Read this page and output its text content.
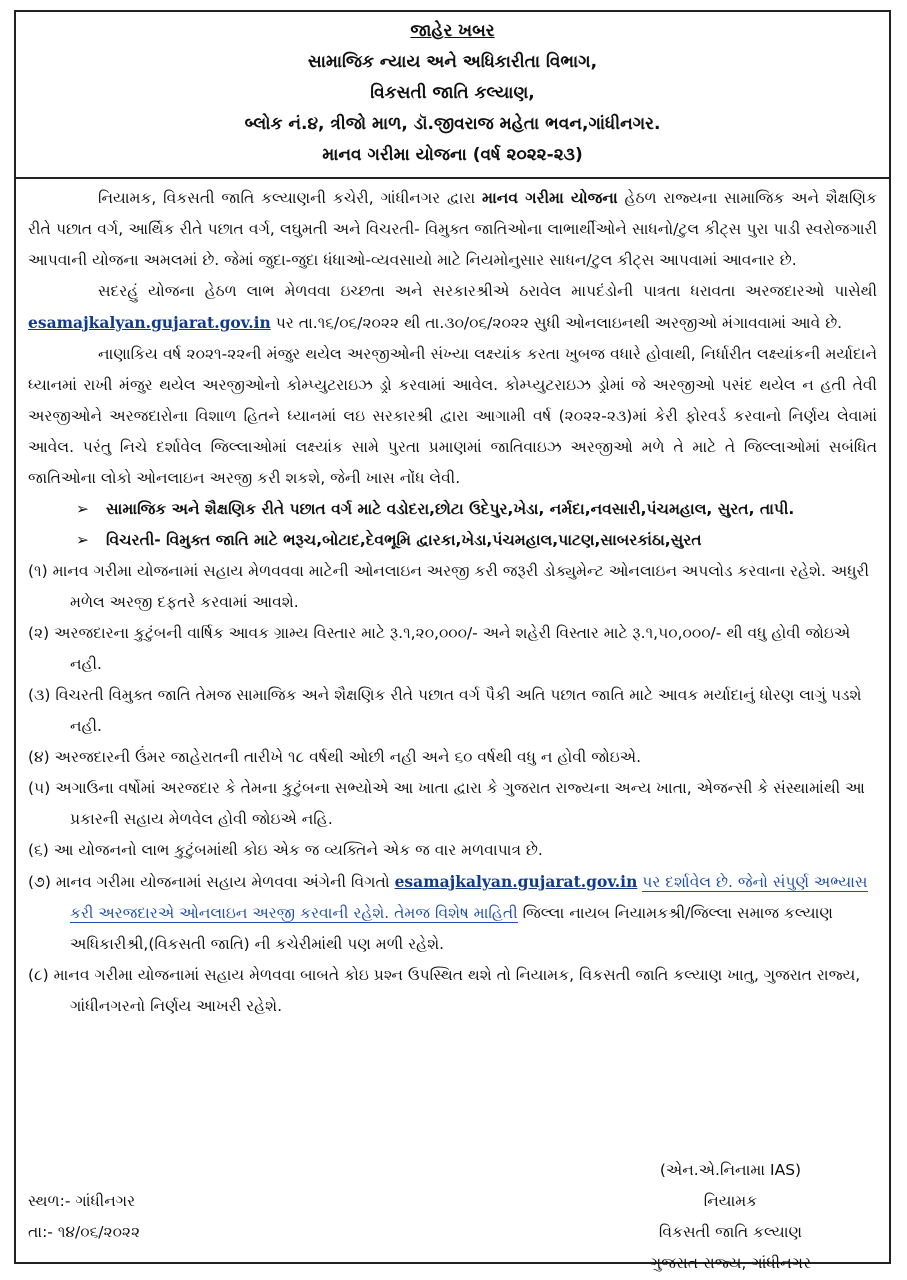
જાહેર ખબર
સામાજિક ન્યાય અને અધિકારીતા વિભાગ,
વિકસતી જાતિ કલ્યાણ,
બ્લોક નં.૪, ત્રીજો માળ, ડૉ.જીવરાજ મહેતા ભવન,ગાંધીનગર.
માનવ ગરીમા યોજના (વર્ષ ૨૦૨૨-૨૩)

નિયામક, વિકસતી જાતિ કલ્યાણની કચેરી, ગાંધીનગર દ્વારા માનવ ગરીમા યોજના હેઠળ રાજ્યના સામાજિક અને શૈક્ષણિક રીતે પછાત વર્ગ, આર્થિક રીતે પછાત વર્ગ, લઘુમતી અને વિચરતી- વિમુક્ત જાતિઓના લાભાર્થીઓને સાધનો/ટુલ કીટ્સ પુરા પાડી સ્વરોજગારી આપવાની યોજના અમલમાં છે. જેમાં જુદા-જુદા ધંધાઓ-વ્યવસાયો માટે નિયમોનુસાર સાધન/ટુલ કીટ્સ આપવામાં આવનાર છે.

સદરહું યોજના હેઠળ લાભ મેળવવા ઇચ્છતા અને સરકારશ્રીએ ઠરાવેલ માપદંડોની પાત્રતા ધરાવતા અરજદારઓ પાસેથી esamajkalyan.gujarat.gov.in પર તા.૧૬/૦૬/૨૦૨૨ થી તા.૩૦/૦૬/૨૦૨૨ સુધી ઓનલાઇનથી અરજીઓ મંગાવવામાં આવે છે.

નાણાકિય વર્ષ ૨૦૨૧-૨૨ની મંજુર થયેલ અરજીઓની સંખ્યા લક્ષ્યાંક કરતા ખુબજ વધારે હોવાથી, નિર્ધારીત લક્ષ્યાંકની મર્યાદાને ધ્યાનમાં રાખી મંજુર થયેલ અરજીઓનો કોમ્પ્યુટરાઇઝ ડ્રો કરવામાં આવેલ. કોમ્પ્યુટરાઇઝ ડ્રોમાં જે અરજીઓ પસંદ થયેલ ન હતી તેવી અરજીઓને અરજદારોના વિશાળ હિતને ધ્યાનમાં લઇ સરકારશ્રી દ્વારા આગામી વર્ષ (૨૦૨૨-૨૩)માં કેરી ફોરવર્ડ કરવાનો નિર્ણય લેવામાં આવેલ. પરંતુ નિચે દર્શાવેલ જિલ્લાઓમાં લક્ષ્યાંક સામે પુરતા પ્રમાણમાં જાતિવાઇઝ અરજીઓ મળે તે માટે તે જિલ્લાઓમાં સબંધિત જાતિઓના લોકો ઓનલાઇન અરજી કરી શકશે, જેની ખાસ નોંધ લેવી.

➢ સામાજિક અને શૈક્ષણિક રીતે પછાત વર્ગ માટે વડોદરા,છોટા ઉદેપુર,ખેડા, નર્મદા,નવસારી,પંચમહાલ, સુરત, તાપી.

➢ વિચરતી- વિમુક્ત જાતિ માટે ભરૂચ,બોટાદ,દેવભૂમિ દ્વારકા,ખેડા,પંચમહાલ,પાટણ,સાબરકાંઠા,સુરત

(૧) માનવ ગરીમા યોજનામાં સહાય મેળવવવા માટેની ઓનલાઇન અરજી કરી જરૂરી ડોક્યુમેન્ટ ઓનલાઇન અપલોડ કરવાના રહેશે. અધુરી મળેલ અરજી દફતરે કરવામાં આવશે.

(૨) અરજદારના કુટુંબની વાર્ષિક આવક ગ્રામ્ય વિસ્તાર માટે રૂ.૧,૨૦,૦૦૦/- અને શહેરી વિસ્તાર માટે રૂ.૧,૫૦,૦૦૦/- થી વધુ હોવી જોઇએ નહી.

(૩) વિચરતી વિમુક્ત જાતિ તેમજ સામાજિક અને શૈક્ષણિક રીતે પછાત વર્ગ પૈકી અતિ પછાત જાતિ માટે આવક મર્યાદાનું ધોરણ લાગું પડશે નહી.

(૪) અરજદારની ઉંમર જાહેરાતની તારીખે ૧૮ વર્ષથી ઓછી નહી અને ૬૦ વર્ષથી વધુ ન હોવી જોઇએ.

(૫) અગાઉના વર્ષોમાં અરજદાર કે તેમના કુટુંબના સભ્યોએ આ ખાતા દ્વારા કે ગુજરાત રાજ્યના અન્ય ખાતા, એજન્સી કે સંસ્થામાંથી આ પ્રકારની સહાય મેળવેલ હોવી જોઇએ નહિ.

(૬) આ યોજનનો લાભ કુટુંબમાંથી કોઇ એક જ વ્યક્તિને એક જ વાર મળવાપાત્ર છે.

(૭) માનવ ગરીમા યોજનામાં સહાય મેળવવા અંગેની વિગતો esamajkalyan.gujarat.gov.in પર દર્શાવેલ છે. જેનો સંપુર્ણ અભ્યાસ કરી અરજદારએ ઓનલાઇન અરજી કરવાની રહેશે. તેમજ વિશેષ માહિતી જિલ્લા નાયબ નિયામકશ્રી/જિલ્લા સમાજ કલ્યાણ અધિકારીશ્રી,(વિકસતી જાતિ) ની કચેરીમાંથી પણ મળી રહેશે.

(૮) માનવ ગરીમા યોજનામાં સહાય મેળવવા બાબતે કોઇ પ્રશ્ન ઉપસ્થિત થશે તો નિયામક, વિકસતી જાતિ કલ્યાણ ખાતુ, ગુજરાત રાજ્ય, ગાંધીનગરનો નિર્ણય આખરી રહેશે.

સ્થળ:- ગાંધીનગર
તા:- ૧૪/૦૬/૨૦૨૨
(એન.એ.નિનામા IAS)
નિયામક
વિકસતી જાતિ કલ્યાણ
ગુજરાત રાજ્ય, ગાંધીનગર
